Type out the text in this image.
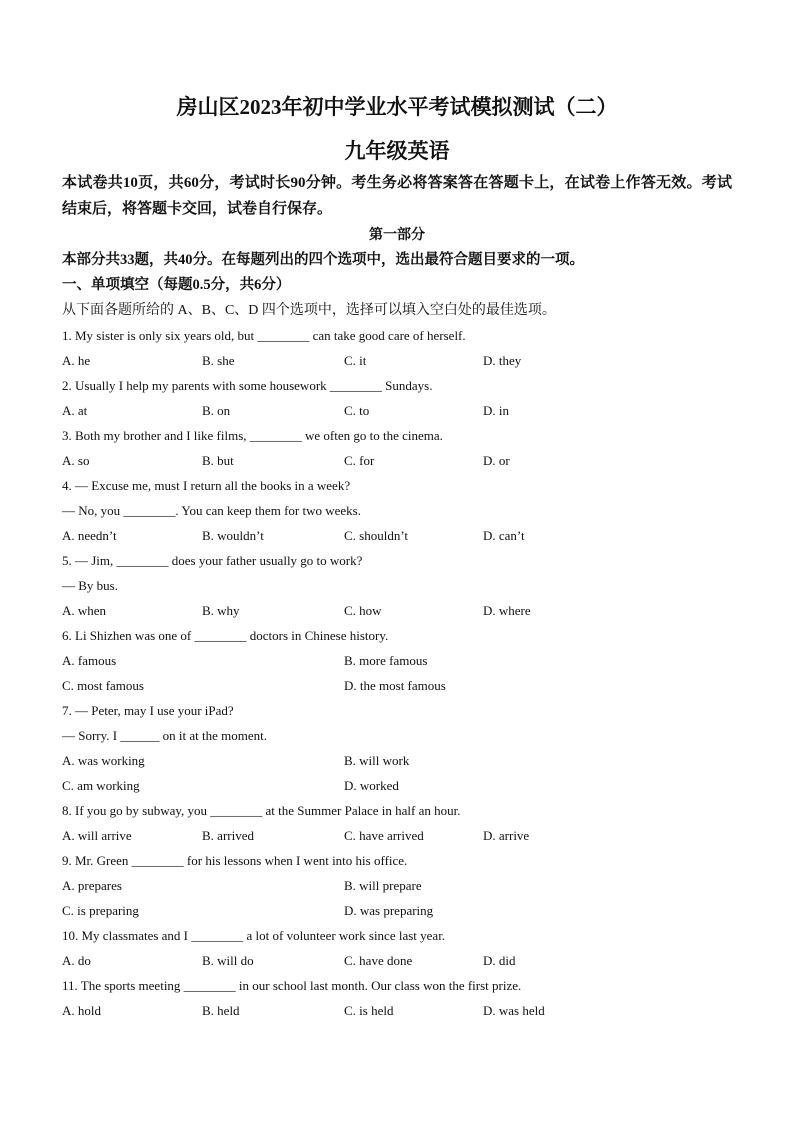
房山区2023年初中学业水平考试模拟测试（二）
九年级英语

本试卷共10页，共60分，考试时长90分钟。考生务必将答案答在答题卡上，在试卷上作答无效。考试结束后，将答题卡交回，试卷自行保存。

第一部分
本部分共33题，共40分。在每题列出的四个选项中，选出最符合题目要求的一项。
一、单项填空（每题0.5分，共6分）
从下面各题所给的 A、B、C、D 四个选项中，选择可以填入空白处的最佳选项。
1. My sister is only six years old, but ________ can take good care of herself.
A. he	B. she	C. it	D. they
2. Usually I help my parents with some housework ________ Sundays.
A. at	B. on	C. to	D. in
3. Both my brother and I like films, ________ we often go to the cinema.
A. so	B. but	C. for	D. or
4. — Excuse me, must I return all the books in a week?
— No, you ________. You can keep them for two weeks.
A. needn’t	B. wouldn’t	C. shouldn’t	D. can’t
5. — Jim, ________ does your father usually go to work?
— By bus.
A. when	B. why	C. how	D. where
6. Li Shizhen was one of ________ doctors in Chinese history.
A. famous	B. more famous
C. most famous	D. the most famous
7. — Peter, may I use your iPad?
— Sorry. I ______ on it at the moment.
A. was working	B. will work
C. am working	D. worked
8. If you go by subway, you ________ at the Summer Palace in half an hour.
A. will arrive	B. arrived	C. have arrived	D. arrive
9. Mr. Green ________ for his lessons when I went into his office.
A. prepares	B. will prepare
C. is preparing	D. was preparing
10. My classmates and I ________ a lot of volunteer work since last year.
A. do	B. will do	C. have done	D. did
11. The sports meeting ________ in our school last month. Our class won the first prize.
A. hold	B. held	C. is held	D. was held
